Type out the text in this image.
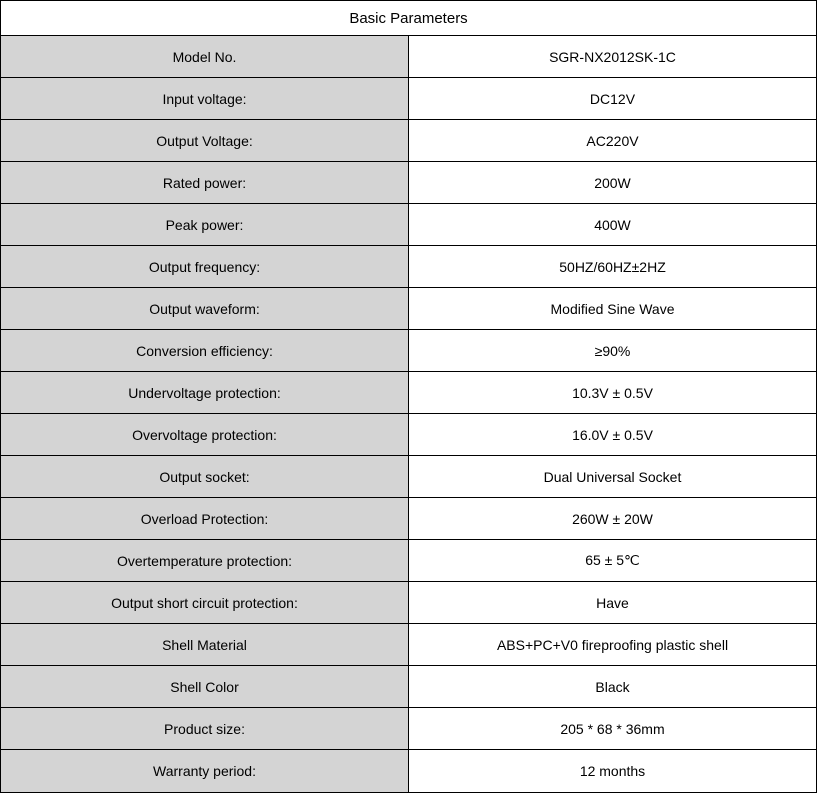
Basic Parameters	
Model No.	SGR-NX2012SK-1C
Input voltage:	DC12V
Output Voltage:	AC220V
Rated power:	200W
Peak power:	400W
Output frequency:	50HZ/60HZ±2HZ
Output waveform:	Modified Sine Wave
Conversion efficiency:	≥90%
Undervoltage protection:	10.3V ± 0.5V
Overvoltage protection:	16.0V ± 0.5V
Output socket:	Dual Universal Socket
Overload Protection:	260W ± 20W
Overtemperature protection:	65 ± 5℃
Output short circuit protection:	Have
Shell Material	ABS+PC+V0 fireproofing plastic shell
Shell Color	Black
Product size:	205 * 68 * 36mm
Warranty period:	12 months
